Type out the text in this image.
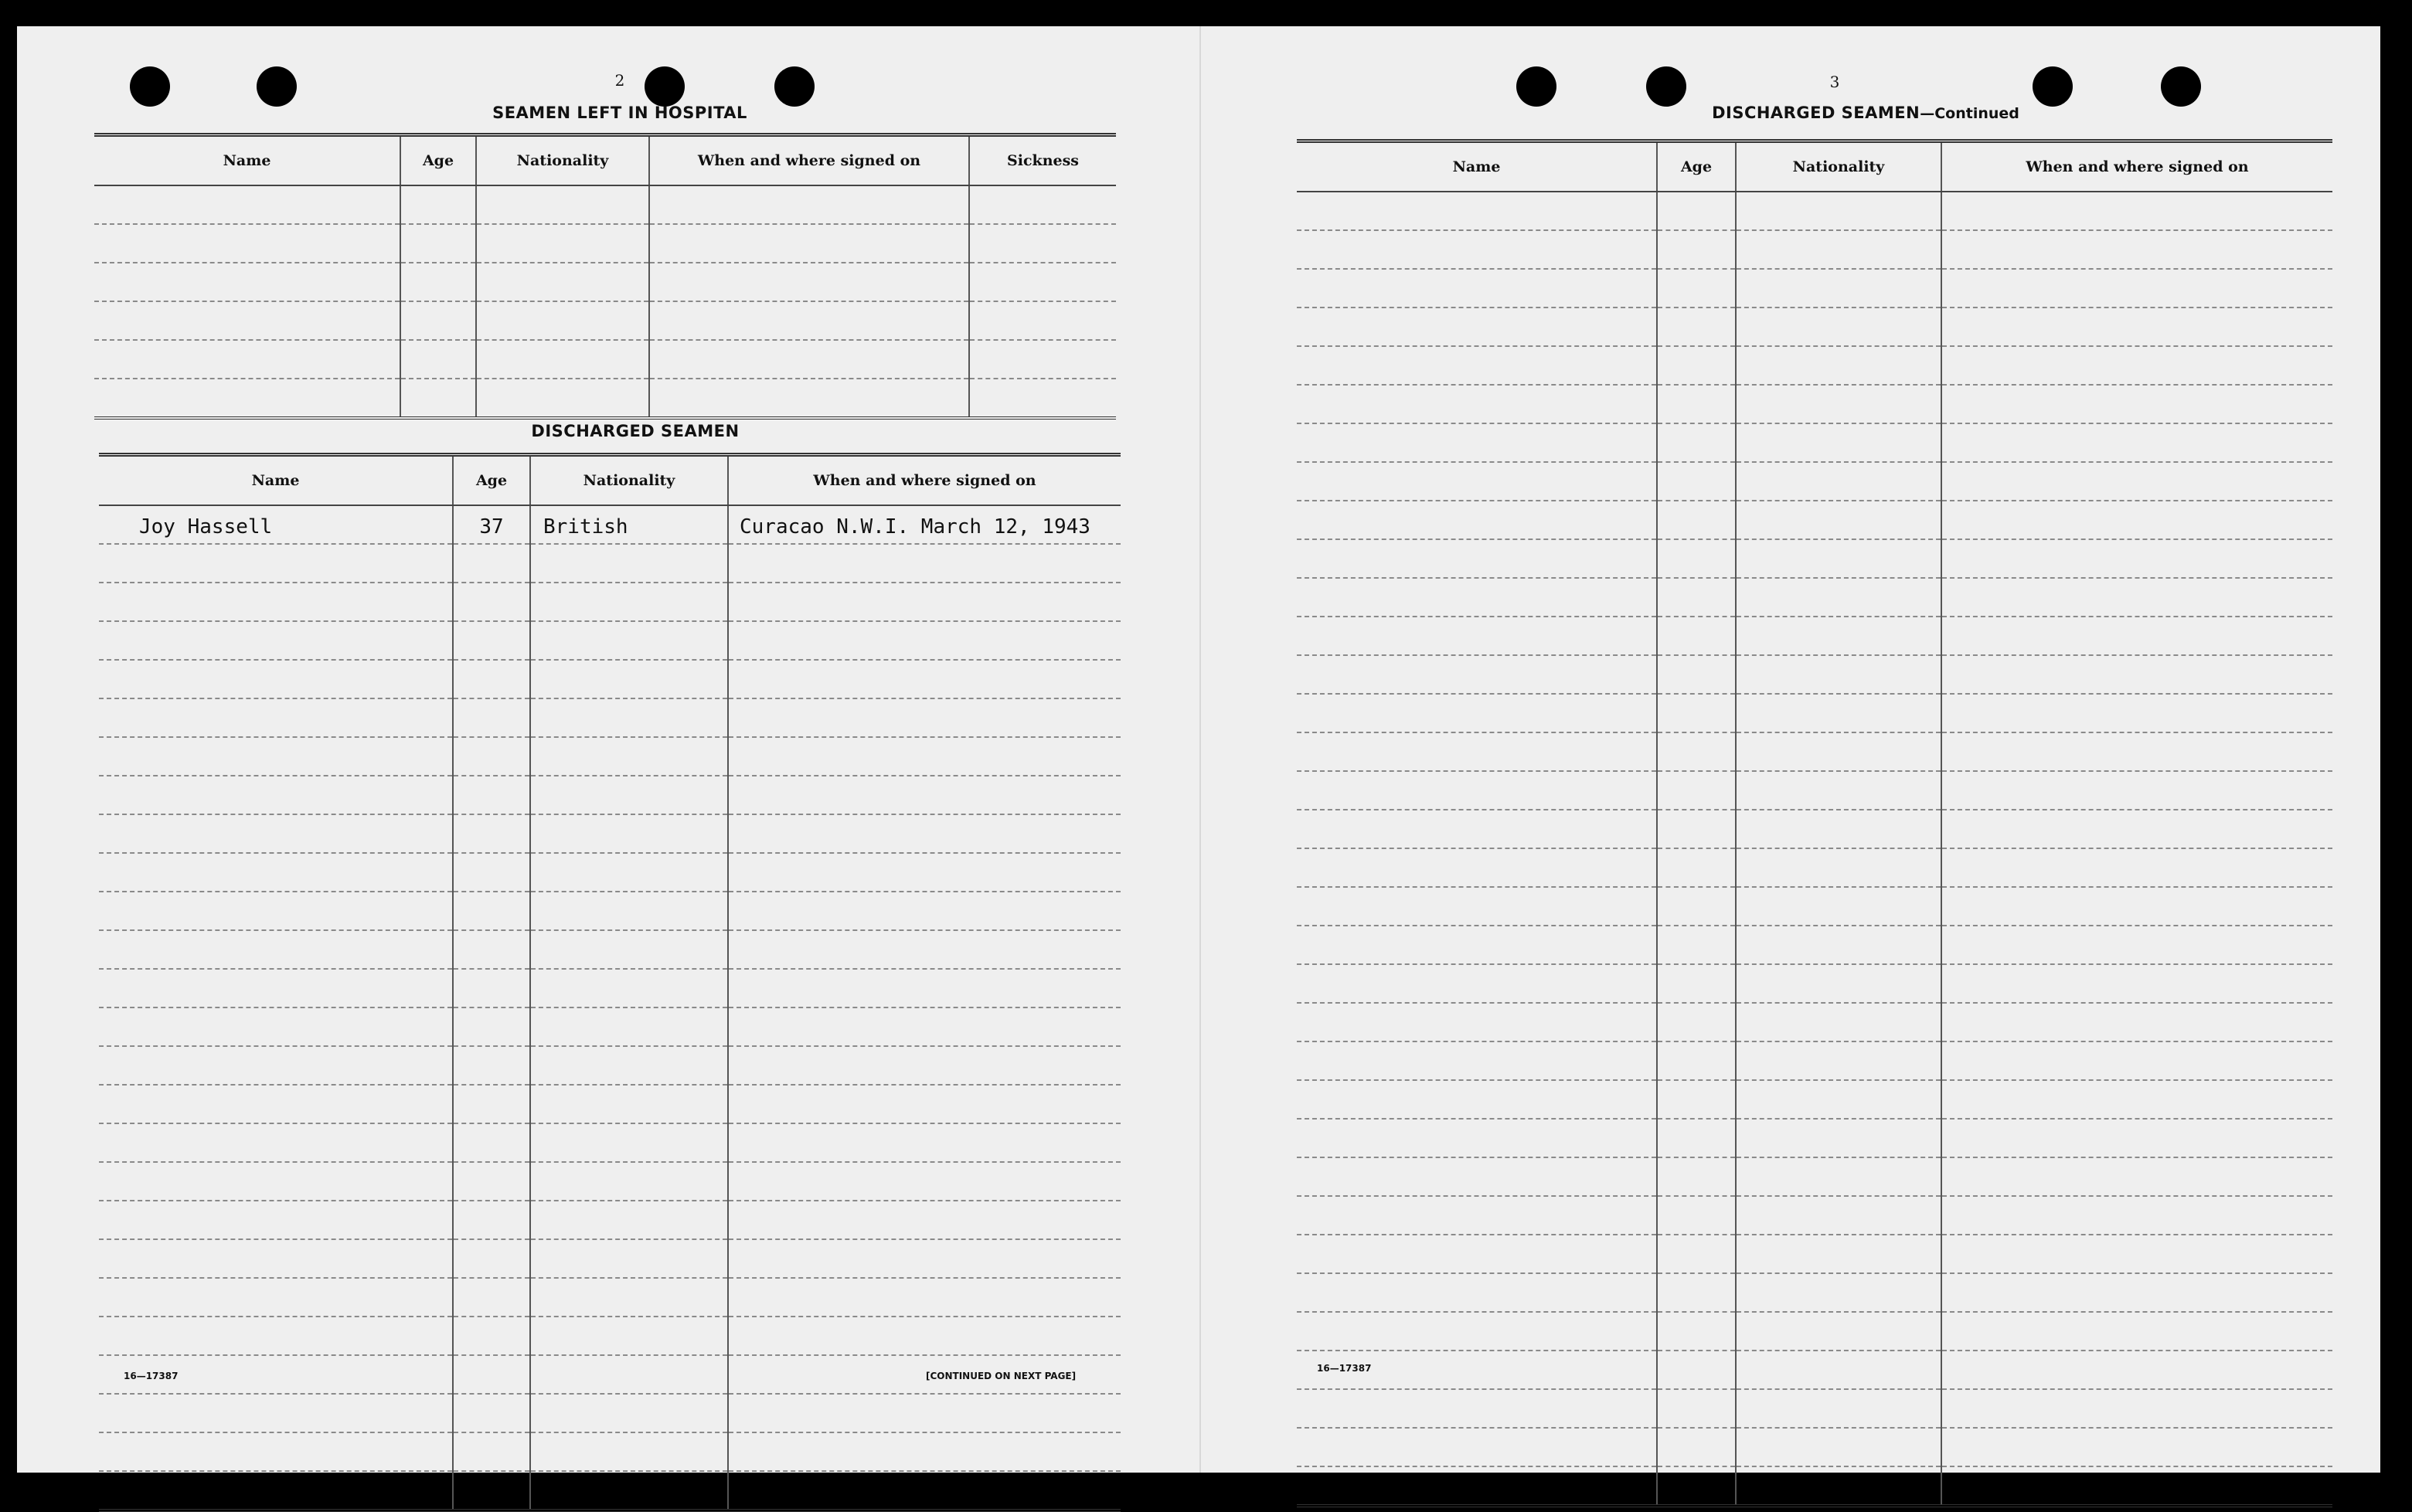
2
SEAMEN LEFT IN HOSPITAL
Name	Age	Nationality	When and where signed on	Sickness

DISCHARGED SEAMEN
Name	Age	Nationality	When and where signed on
Joy Hassell	37	British	Curacao N.W.I. March 12, 1943

16—17387	[CONTINUED ON NEXT PAGE]
3
DISCHARGED SEAMEN—Continued
Name	Age	Nationality	When and where signed on

16—17387
